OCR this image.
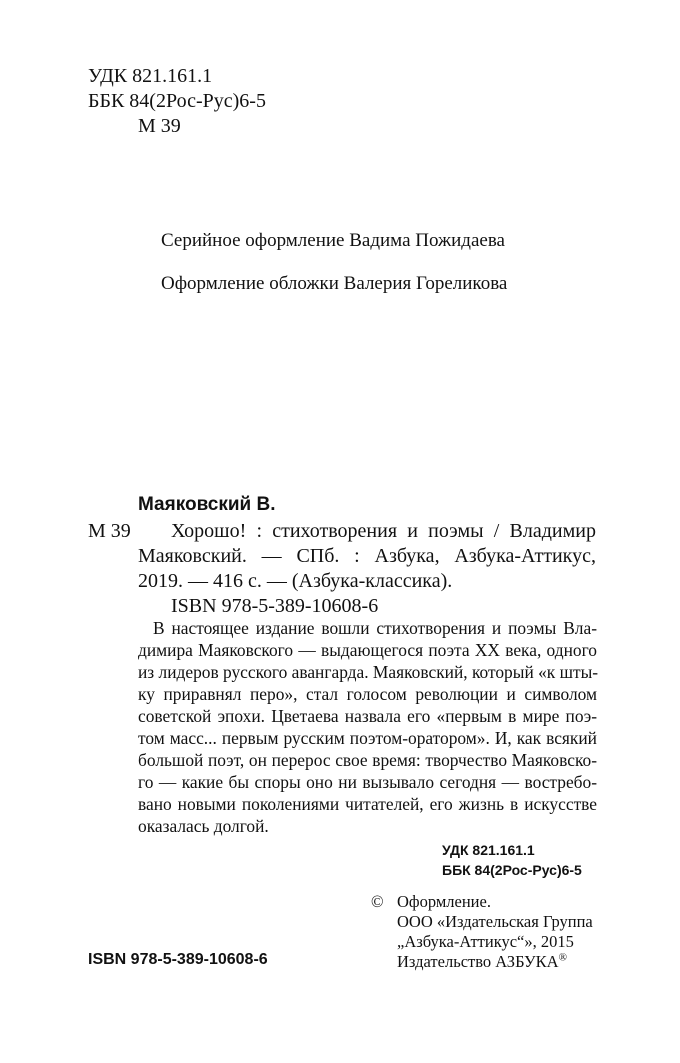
УДК 821.161.1
ББК 84(2Рос-Рус)6-5
М 39
Серийное оформление Вадима Пожидаева
Оформление обложки Валерия Гореликова
Маяковский В.
М 39 Хорошо! : стихотворения и поэмы / Владимир
Маяковский. — СПб. : Азбука, Азбука-Аттикус,
2019. — 416 с. — (Азбука-классика).
ISBN 978-5-389-10608-6
В настоящее издание вошли стихотворения и поэмы Вла-
димира Маяковского — выдающегося поэта XX века, одного
из лидеров русского авангарда. Маяковский, который «к шты-
ку приравнял перо», стал голосом революции и символом
советской эпохи. Цветаева назвала его «первым в мире поэ-
том масс... первым русским поэтом-оратором». И, как всякий
большой поэт, он перерос свое время: творчество Маяковско-
го — какие бы споры оно ни вызывало сегодня — востребо-
вано новыми поколениями читателей, его жизнь в искусстве
оказалась долгой.
УДК 821.161.1
ББК 84(2Рос-Рус)6-5
© Оформление.
ООО «Издательская Группа
„Азбука-Аттикус“», 2015
Издательство АЗБУКА®
ISBN 978-5-389-10608-6
